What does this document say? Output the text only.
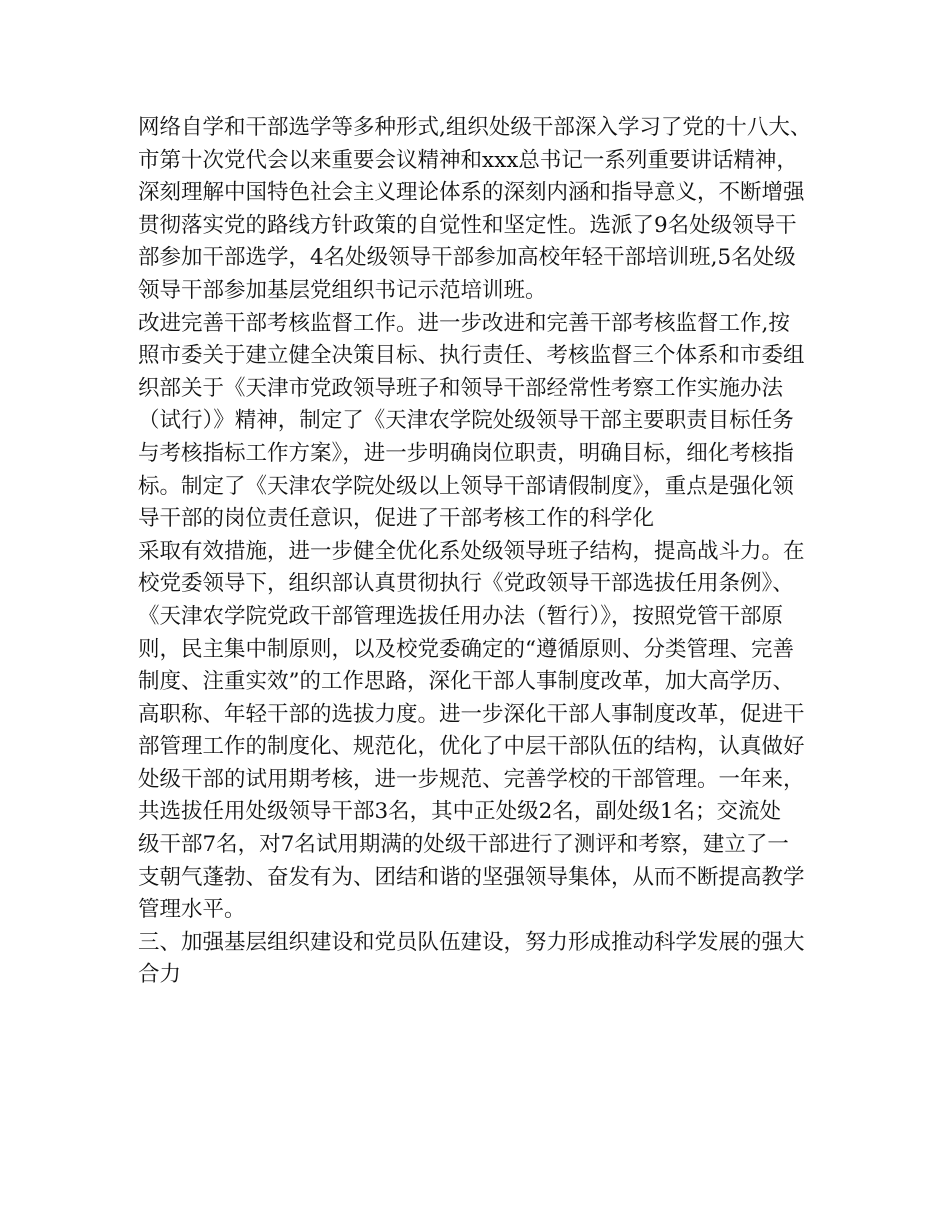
网络自学和干部选学等多种形式,组织处级干部深入学习了党的十八大、
市第十次党代会以来重要会议精神和xxx总书记一系列重要讲话精神，
深刻理解中国特色社会主义理论体系的深刻内涵和指导意义，不断增强
贯彻落实党的路线方针政策的自觉性和坚定性。选派了9名处级领导干
部参加干部选学，4名处级领导干部参加高校年轻干部培训班,5名处级
领导干部参加基层党组织书记示范培训班。
改进完善干部考核监督工作。进一步改进和完善干部考核监督工作,按
照市委关于建立健全决策目标、执行责任、考核监督三个体系和市委组
织部关于《天津市党政领导班子和领导干部经常性考察工作实施办法
（试行）》精神，制定了《天津农学院处级领导干部主要职责目标任务
与考核指标工作方案》，进一步明确岗位职责，明确目标，细化考核指
标。制定了《天津农学院处级以上领导干部请假制度》，重点是强化领
导干部的岗位责任意识，促进了干部考核工作的科学化
采取有效措施，进一步健全优化系处级领导班子结构，提高战斗力。在
校党委领导下，组织部认真贯彻执行《党政领导干部选拔任用条例》、
《天津农学院党政干部管理选拔任用办法（暂行）》，按照党管干部原
则，民主集中制原则，以及校党委确定的“遵循原则、分类管理、完善
制度、注重实效”的工作思路，深化干部人事制度改革，加大高学历、
高职称、年轻干部的选拔力度。进一步深化干部人事制度改革，促进干
部管理工作的制度化、规范化，优化了中层干部队伍的结构，认真做好
处级干部的试用期考核，进一步规范、完善学校的干部管理。一年来，
共选拔任用处级领导干部3名，其中正处级2名，副处级1名；交流处
级干部7名，对7名试用期满的处级干部进行了测评和考察，建立了一
支朝气蓬勃、奋发有为、团结和谐的坚强领导集体，从而不断提高教学
管理水平。
三、加强基层组织建设和党员队伍建设，努力形成推动科学发展的强大
合力
